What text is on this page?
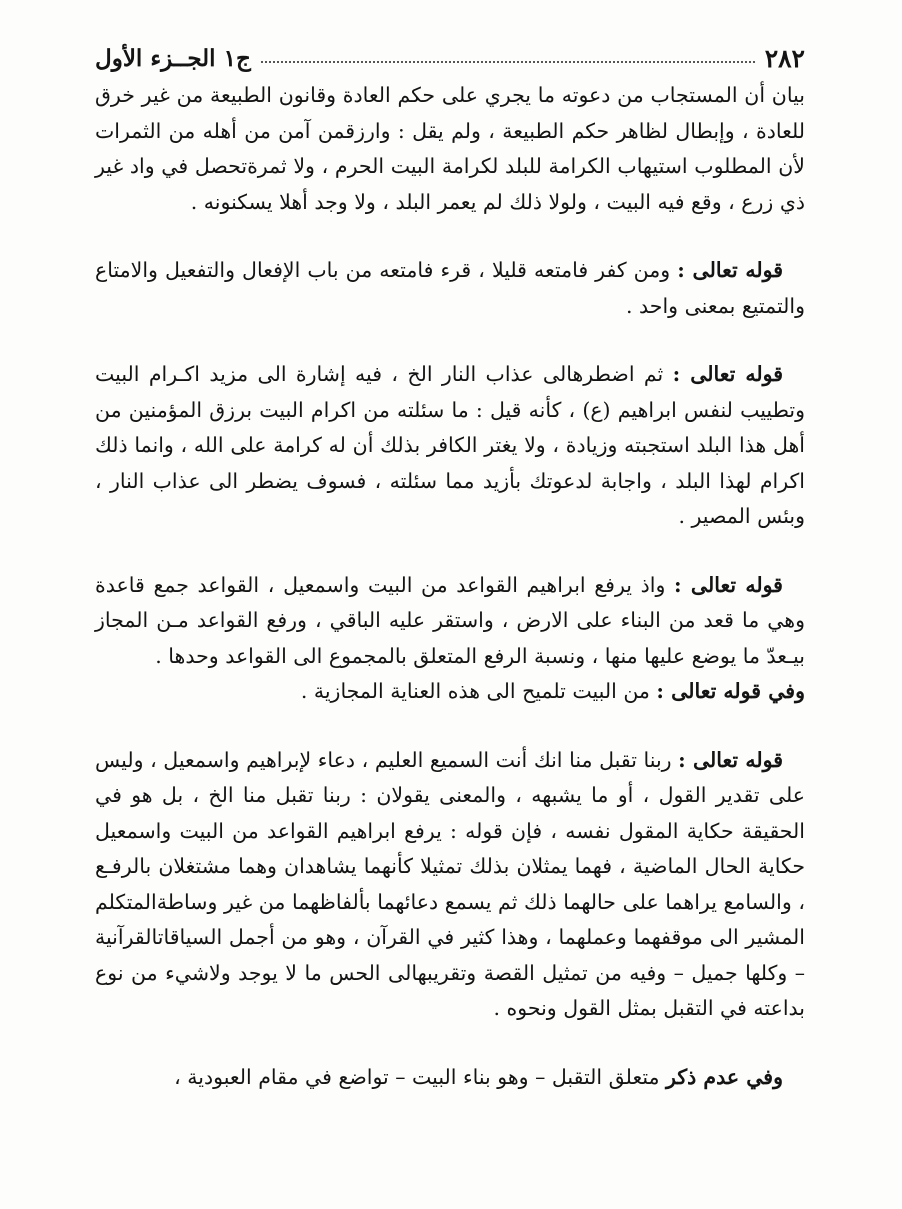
٢٨٢
ج١ الجــزء الأول

بيان أن المستجاب من دعوته ما يجري على حكم العادة وقانون الطبيعة من غير خرق للعادة ، وإبطال لظاهر حكم الطبيعة ، ولم يقل : وارزقمن آمن من أهله من الثمرات لأن المطلوب استيهاب الكرامة للبلد لكرامة البيت الحرم ، ولا ثمرةتحصل في واد غير ذي زرع ، وقع فيه البيت ، ولولا ذلك لم يعمر البلد ، ولا وجد أهلا يسكنونه .

قوله تعالى : ومن كفر فامتعه قليلا ، قرء فامتعه من باب الإفعال والتفعيل والامتاع والتمتيع بمعنى واحد .

قوله تعالى : ثم اضطرهالى عذاب النار الخ ، فيه إشارة الى مزيد اكـرام البيت وتطييب لنفس ابراهيم (ع) ، كأنه قيل : ما سئلته من اكرام البيت برزق المؤمنين من أهل هذا البلد استجبته وزيادة ، ولا يغتر الكافر بذلك أن له كرامة على الله ، وانما ذلك اكرام لهذا البلد ، واجابة لدعوتك بأزيد مما سئلته ، فسوف يضطر الى عذاب النار ، وبئس المصير .

قوله تعالى : واذ يرفع ابراهيم القواعد من البيت واسمعيل ، القواعد جمع قاعدة وهي ما قعد من البناء على الارض ، واستقر عليه الباقي ، ورفع القواعد مـن المجاز بيـعدّ ما يوضع عليها منها ، ونسبة الرفع المتعلق بالمجموع الى القواعد وحدها .

وفي قوله تعالى : من البيت تلميح الى هذه العناية المجازية .

قوله تعالى : ربنا تقبل منا انك أنت السميع العليم ، دعاء لإبراهيم واسمعيل ، وليس على تقدير القول ، أو ما يشبهه ، والمعنى يقولان : ربنا تقبل منا الخ ، بل هو في الحقيقة حكاية المقول نفسه ، فإن قوله : يرفع ابراهيم القواعد من البيت واسمعيل حكاية الحال الماضية ، فهما يمثلان بذلك تمثيلا كأنهما يشاهدان وهما مشتغلان بالرفـع ، والسامع يراهما على حالهما ذلك ثم يسمع دعائهما بألفاظهما من غير وساطةالمتكلم المشير الى موقفهما وعملهما ، وهذا كثير في القرآن ، وهو من أجمل السياقاتالقرآنية – وكلها جميل – وفيه من تمثيل القصة وتقريبهالى الحس ما لا يوجد ولاشيء من نوع بداعته في التقبل بمثل القول ونحوه .

وفي عدم ذكر متعلق التقبل – وهو بناء البيت – تواضع في مقام العبودية ،
